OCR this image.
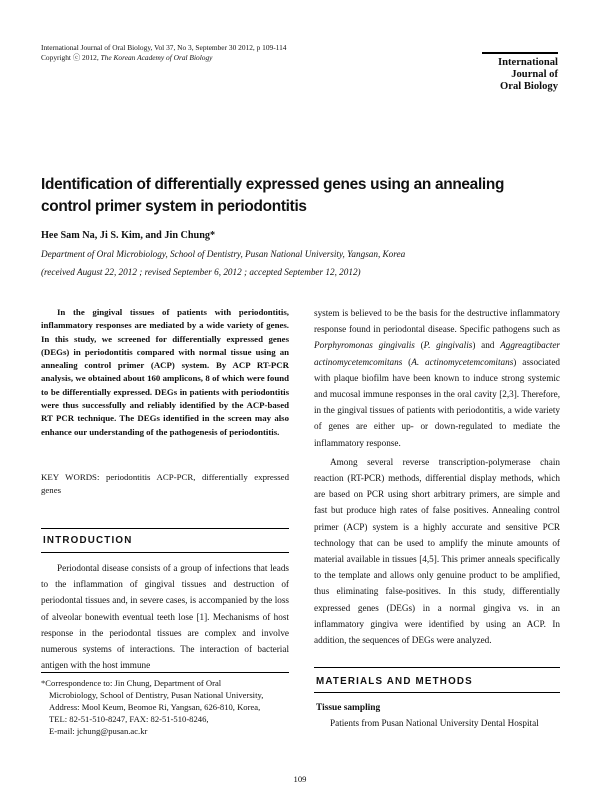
International Journal of Oral Biology, Vol 37, No 3, September 30 2012, p 109-114
Copyright ⓒ 2012, The Korean Academy of Oral Biology	International
Journal of
Oral Biology
Identification of differentially expressed genes using an annealing
control primer system in periodontitis
Hee Sam Na, Ji S. Kim, and Jin Chung*
Department of Oral Microbiology, School of Dentistry, Pusan National University, Yangsan, Korea
(received August 22, 2012 ; revised September 6, 2012 ; accepted September 12, 2012)

In the gingival tissues of patients with periodontitis, inflammatory responses are mediated by a wide variety of genes. In this study, we screened for differentially expressed genes (DEGs) in periodontitis compared with normal tissue using an annealing control primer (ACP) system. By ACP RT-PCR analysis, we obtained about 160 amplicons, 8 of which were found to be differentially expressed. DEGs in patients with periodontitis were thus successfully and reliably identified by the ACP-based RT PCR technique. The DEGs identified in the screen may also enhance our understanding of the pathogenesis of periodontitis.

KEY WORDS: periodontitis ACP-PCR, differentially expressed genes
INTRODUCTION

Periodontal disease consists of a group of infections that leads to the inflammation of gingival tissues and destruction of periodontal tissues and, in severe cases, is accompanied by the loss of alveolar bonewith eventual teeth lose [1]. Mechanisms of host response in the periodontal tissues are complex and involve numerous systems of interactions. The interaction of bacterial antigen with the host immune

*Correspondence to: Jin Chung, Department of Oral
Microbiology, School of Dentistry, Pusan National University,
Address: Mool Keum, Beomoe Ri, Yangsan, 626-810, Korea,
TEL: 82-51-510-8247, FAX: 82-51-510-8246,
E-mail: jchung@pusan.ac.kr

system is believed to be the basis for the destructive inflammatory response found in periodontal disease. Specific pathogens such as Porphyromonas gingivalis (P. gingivalis) and Aggreagtibacter actinomycetemcomitans (A. actinomycetemcomitans) associated with plaque biofilm have been known to induce strong systemic and mucosal immune responses in the oral cavity [2,3]. Therefore, in the gingival tissues of patients with periodontitis, a wide variety of genes are either up- or down-regulated to mediate the inflammatory response.

Among several reverse transcription-polymerase chain reaction (RT-PCR) methods, differential display methods, which are based on PCR using short arbitrary primers, are simple and fast but produce high rates of false positives. Annealing control primer (ACP) system is a highly accurate and sensitive PCR technology that can be used to amplify the minute amounts of material available in tissues [4,5]. This primer anneals specifically to the template and allows only genuine product to be amplified, thus eliminating false-positives. In this study, differentially expressed genes (DEGs) in a normal gingiva vs. in an inflammatory gingiva were identified by using an ACP. In addition, the sequences of DEGs were analyzed.

MATERIALS AND METHODS
Tissue sampling

Patients from Pusan National University Dental Hospital

109
